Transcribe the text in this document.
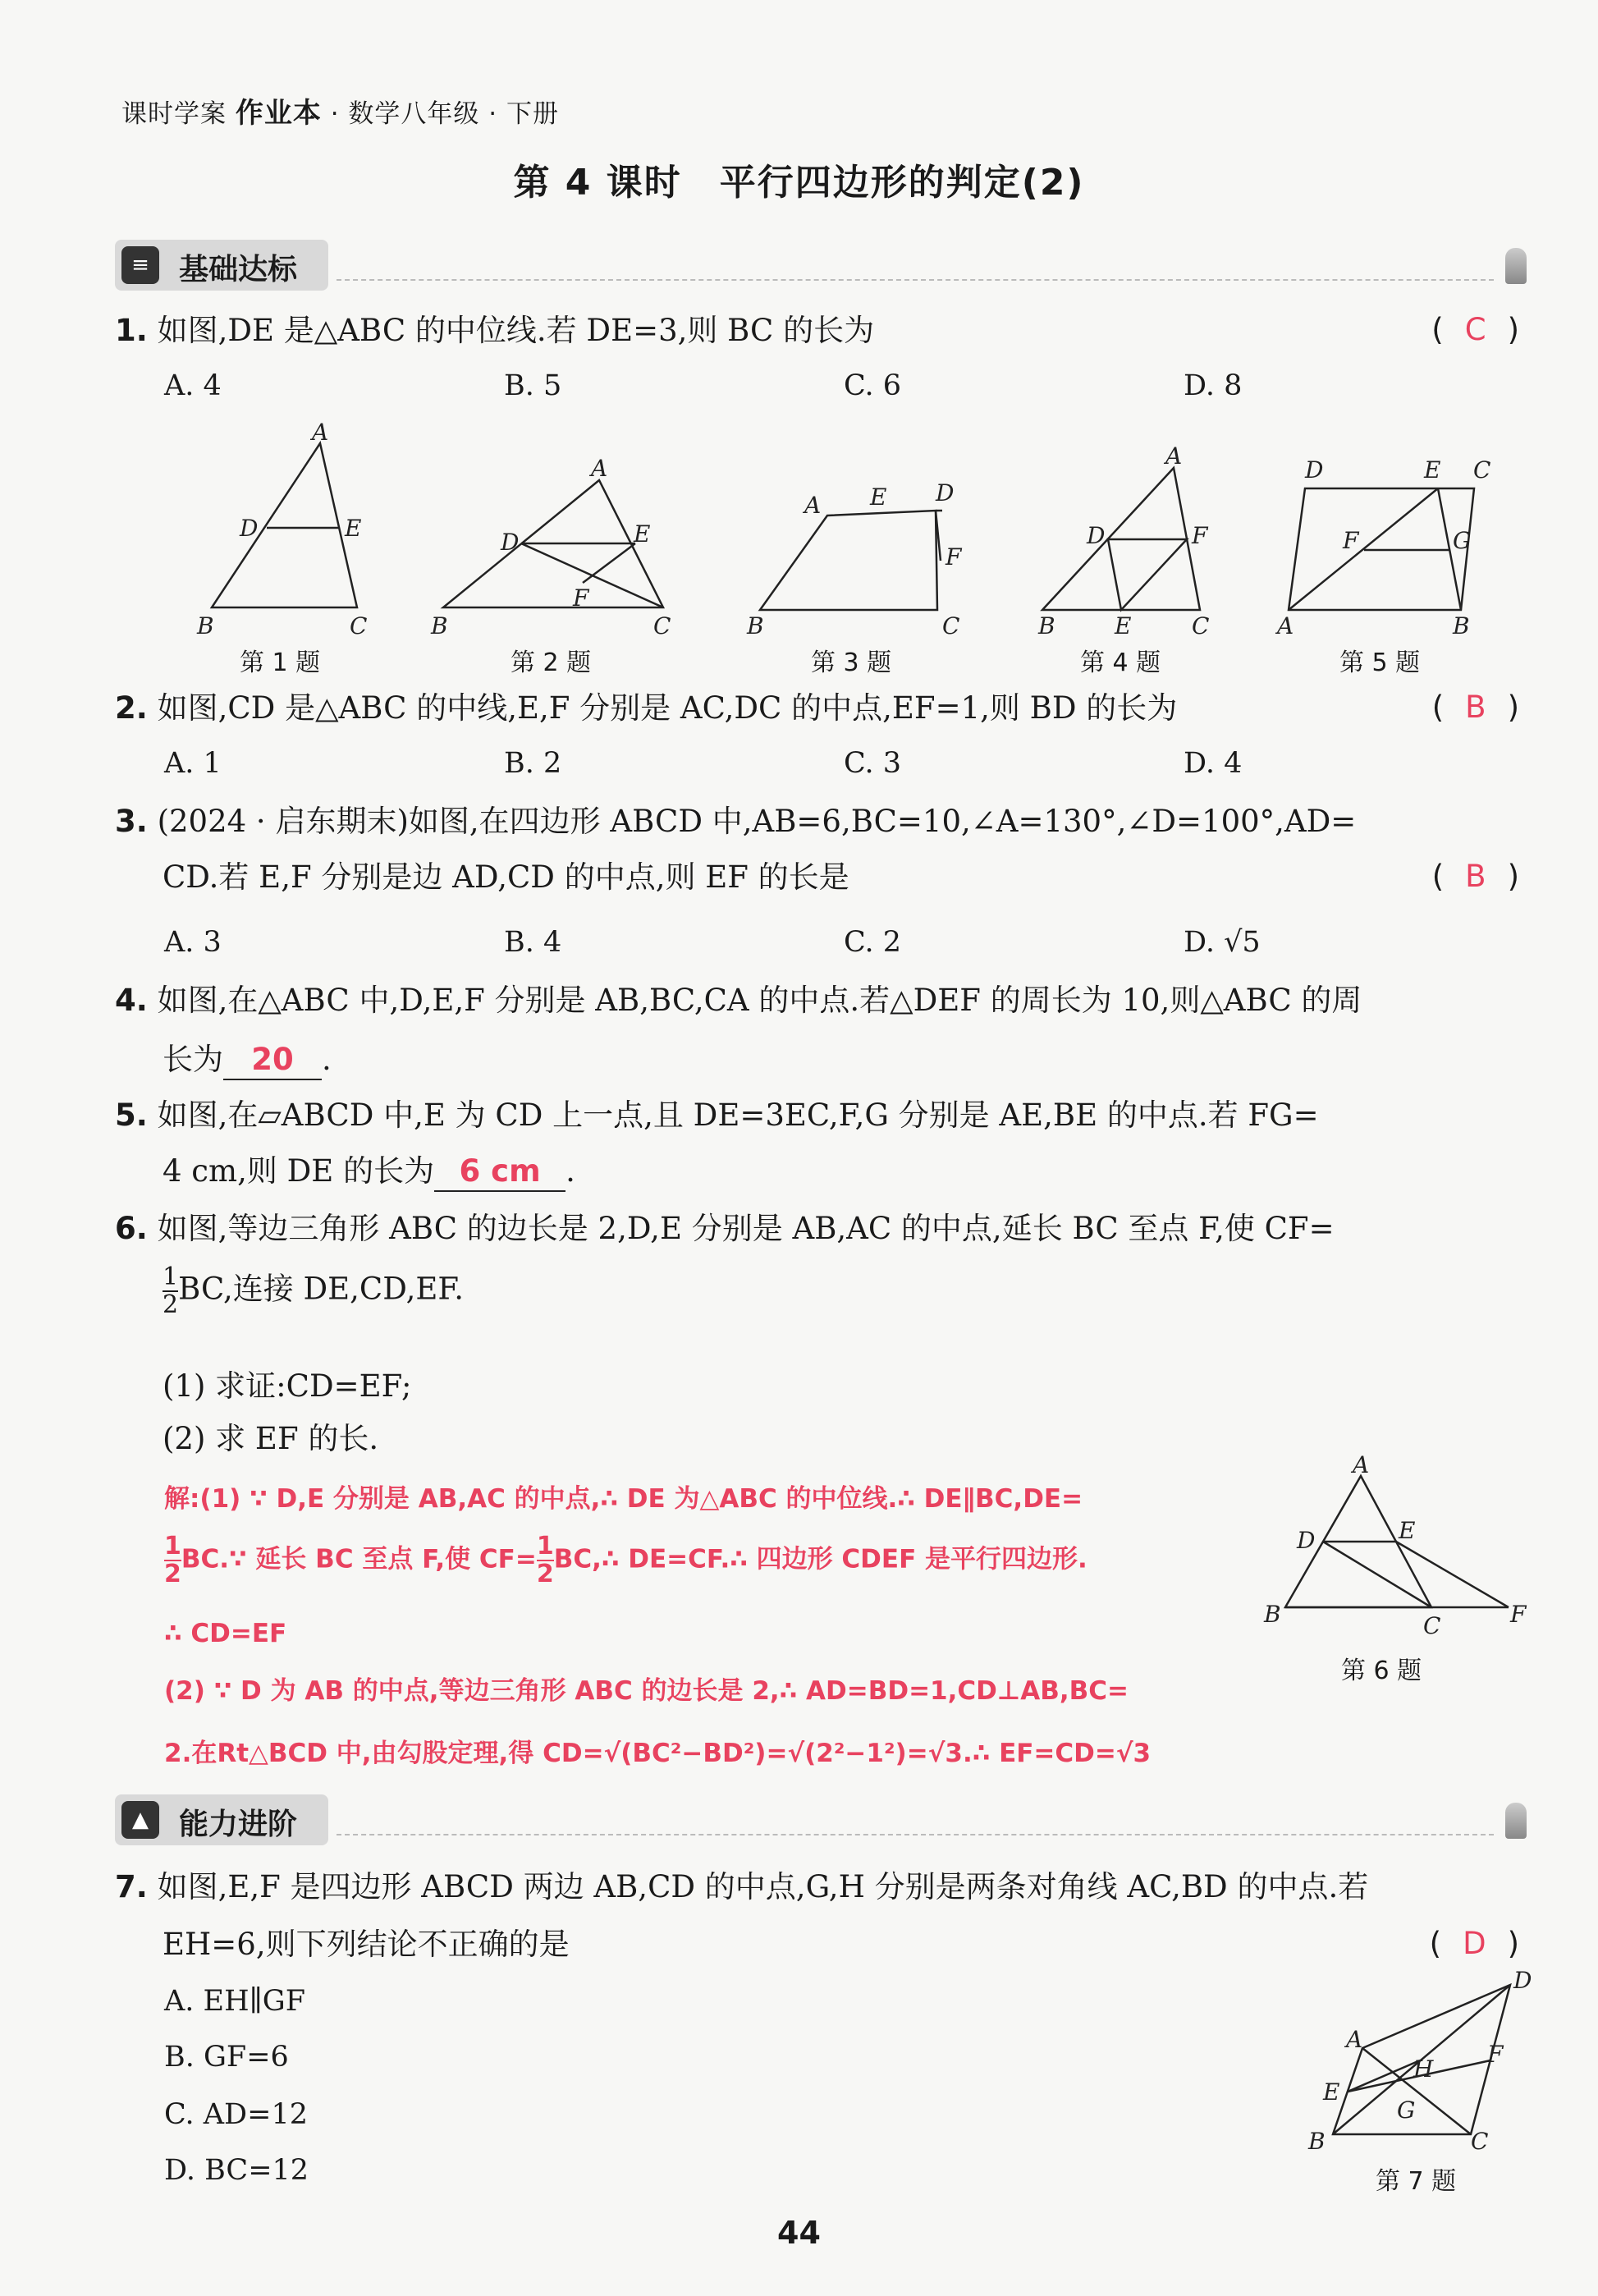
课时学案 作业本 · 数学八年级 · 下册
第 4 课时　平行四边形的判定(2)
≡	基础达标
1. 如图,DE 是△ABC 的中位线.若 DE=3,则 BC 的长为	( C )
A. 4	B. 5	C. 6	D. 8
A
D	E
B	C
A
D	E
F
B	C
A E D
F
B	C
A
D	F
E
B	C
D	E C
F	G
A	B
第 1 题	第 2 题	第 3 题	第 4 题	第 5 题
2. 如图,CD 是△ABC 的中线,E,F 分别是 AC,DC 的中点,EF=1,则 BD 的长为	( B )
A. 1	B. 2	C. 3	D. 4
3. (2024 · 启东期末)如图,在四边形 ABCD 中,AB=6,BC=10,∠A=130°,∠D=100°,AD=
CD.若 E,F 分别是边 AD,CD 的中点,则 EF 的长是	( B )
A. 3	B. 4	C. 2	D. √5
4. 如图,在△ABC 中,D,E,F 分别是 AB,BC,CA 的中点.若△DEF 的周长为 10,则△ABC 的周
长为 20 .
5. 如图,在▱ABCD 中,E 为 CD 上一点,且 DE=3EC,F,G 分别是 AE,BE 的中点.若 FG=
4 cm,则 DE 的长为 6 cm .
6. 如图,等边三角形 ABC 的边长是 2,D,E 分别是 AB,AC 的中点,延长 BC 至点 F,使 CF=
$\frac{1}{2}$ BC,连接 DE,CD,EF.
(1) 求证:CD=EF;
(2) 求 EF 的长.
解:(1) ∵ D,E 分别是 AB,AC 的中点,∴ DE 为△ABC 的中位线.∴ DE∥BC,DE=
$\frac{1}{2}$ BC.∵ 延长 BC 至点 F,使 $CF= \frac{1}{2}$ BC,∴ DE=CF.∴ 四边形 CDEF 是平行四边形.
∴ CD=EF
(2) ∵ D 为 AB 的中点,等边三角形 ABC 的边长是 2,∴ AD=BD=1,CD⊥AB,BC=
2.在Rt△BCD 中,由勾股定理,得 CD=√(BC²−BD²)=√(2²−1²)=√3.∴ EF=CD=√3
A
D	E
B	C	F
第 6 题
▲	能力进阶
7. 如图,E,F 是四边形 ABCD 两边 AB,CD 的中点,G,H 分别是两条对角线 AC,BD 的中点.若
EH=6,则下列结论不正确的是	( D )
A. EH∥GF
B. GF=6
C. AD=12
D. BC=12
D
A
H
F
E
G
B	C
第 7 题
44
